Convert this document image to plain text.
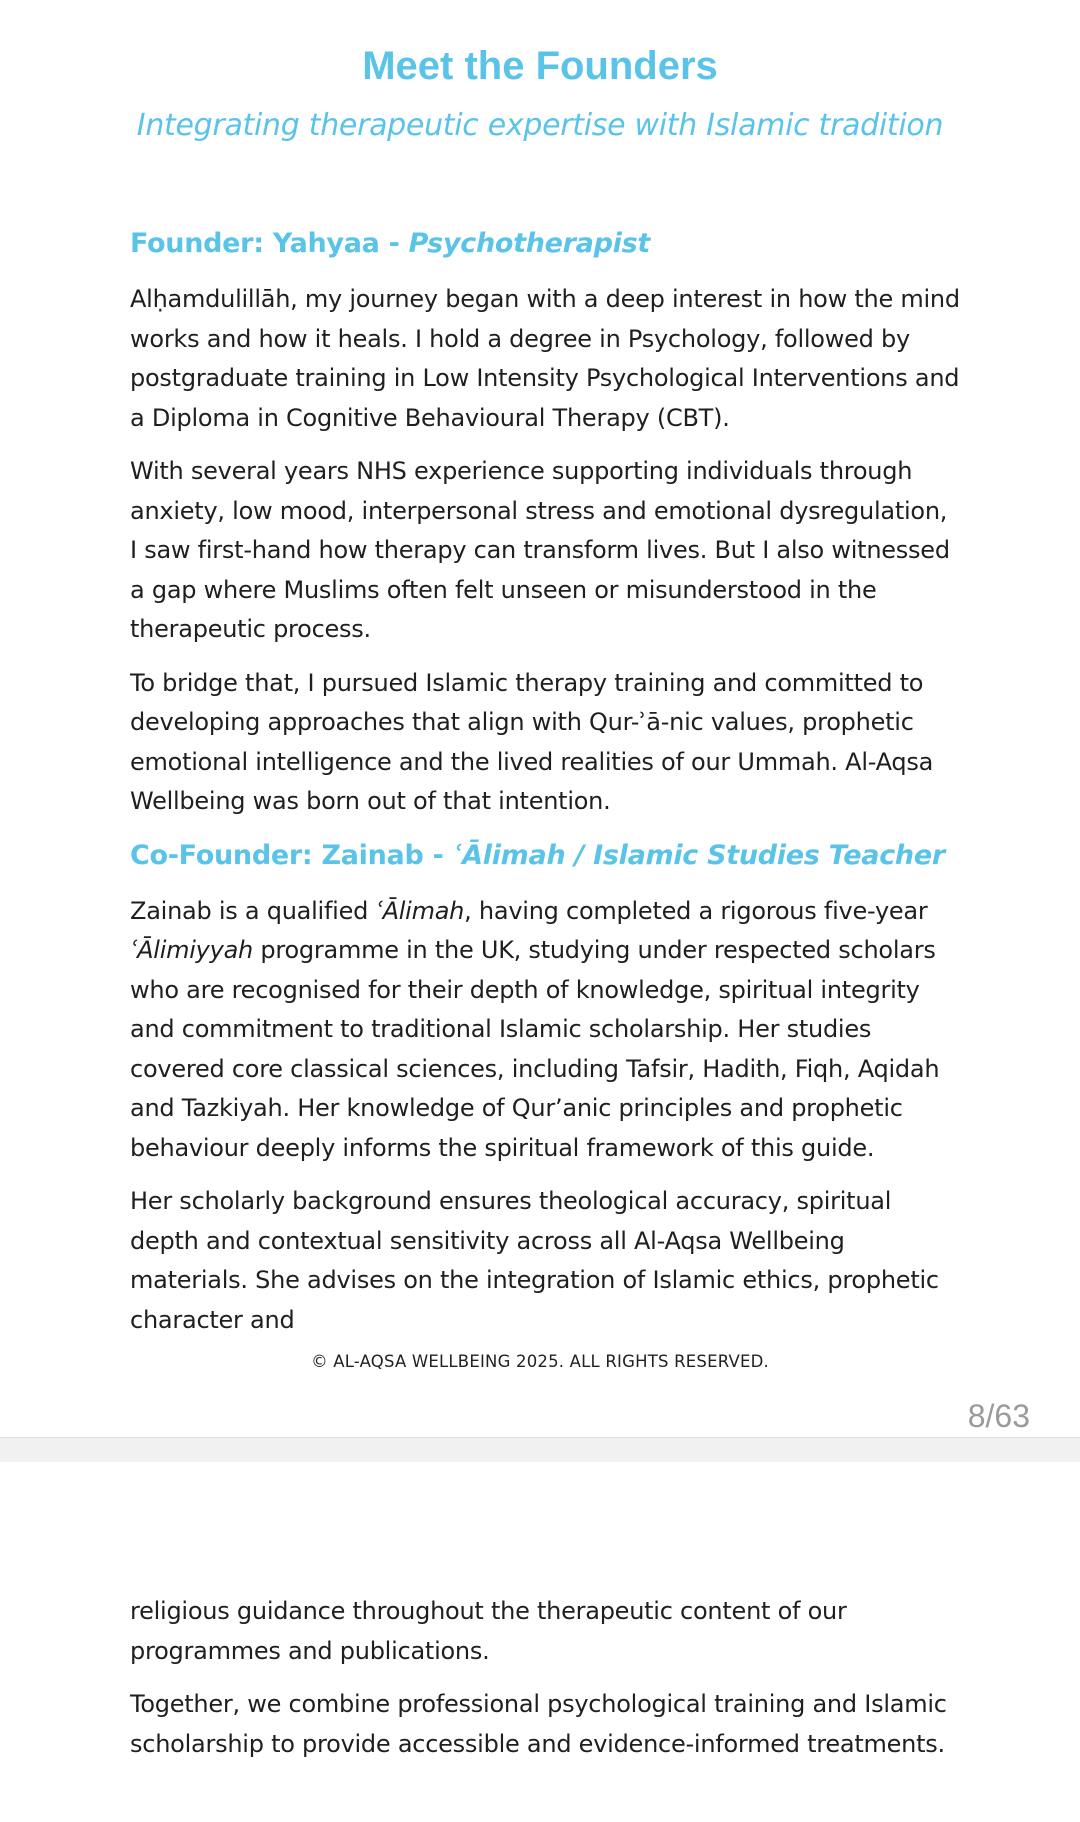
Meet the Founders

Integrating therapeutic expertise with Islamic tradition

Founder: Yahyaa - Psychotherapist

Alḥamdulillāh, my journey began with a deep interest in how the mind works and how it heals. I hold a degree in Psychology, followed by postgraduate training in Low Intensity Psychological Interventions and a Diploma in Cognitive Behavioural Therapy (CBT).

With several years NHS experience supporting individuals through anxiety, low mood, interpersonal stress and emotional dysregulation, I saw first-hand how therapy can transform lives. But I also witnessed a gap where Muslims often felt unseen or misunderstood in the therapeutic process.

To bridge that, I pursued Islamic therapy training and committed to developing approaches that align with Qur-ʾā-nic values, prophetic emotional intelligence and the lived realities of our Ummah. Al-Aqsa Wellbeing was born out of that intention.

Co-Founder: Zainab - ʿĀlimah / Islamic Studies Teacher

Zainab is a qualified ʿĀlimah, having completed a rigorous five-year ʿĀlimiyyah programme in the UK, studying under respected scholars who are recognised for their depth of knowledge, spiritual integrity and commitment to traditional Islamic scholarship. Her studies covered core classical sciences, including Tafsir, Hadith, Fiqh, Aqidah and Tazkiyah. Her knowledge of Qur’anic principles and prophetic behaviour deeply informs the spiritual framework of this guide.

Her scholarly background ensures theological accuracy, spiritual depth and contextual sensitivity across all Al-Aqsa Wellbeing materials. She advises on the integration of Islamic ethics, prophetic character and

© AL-AQSA WELLBEING 2025. ALL RIGHTS RESERVED.
8/63

religious guidance throughout the therapeutic content of our programmes and publications.

Together, we combine professional psychological training and Islamic scholarship to provide accessible and evidence-informed treatments.
